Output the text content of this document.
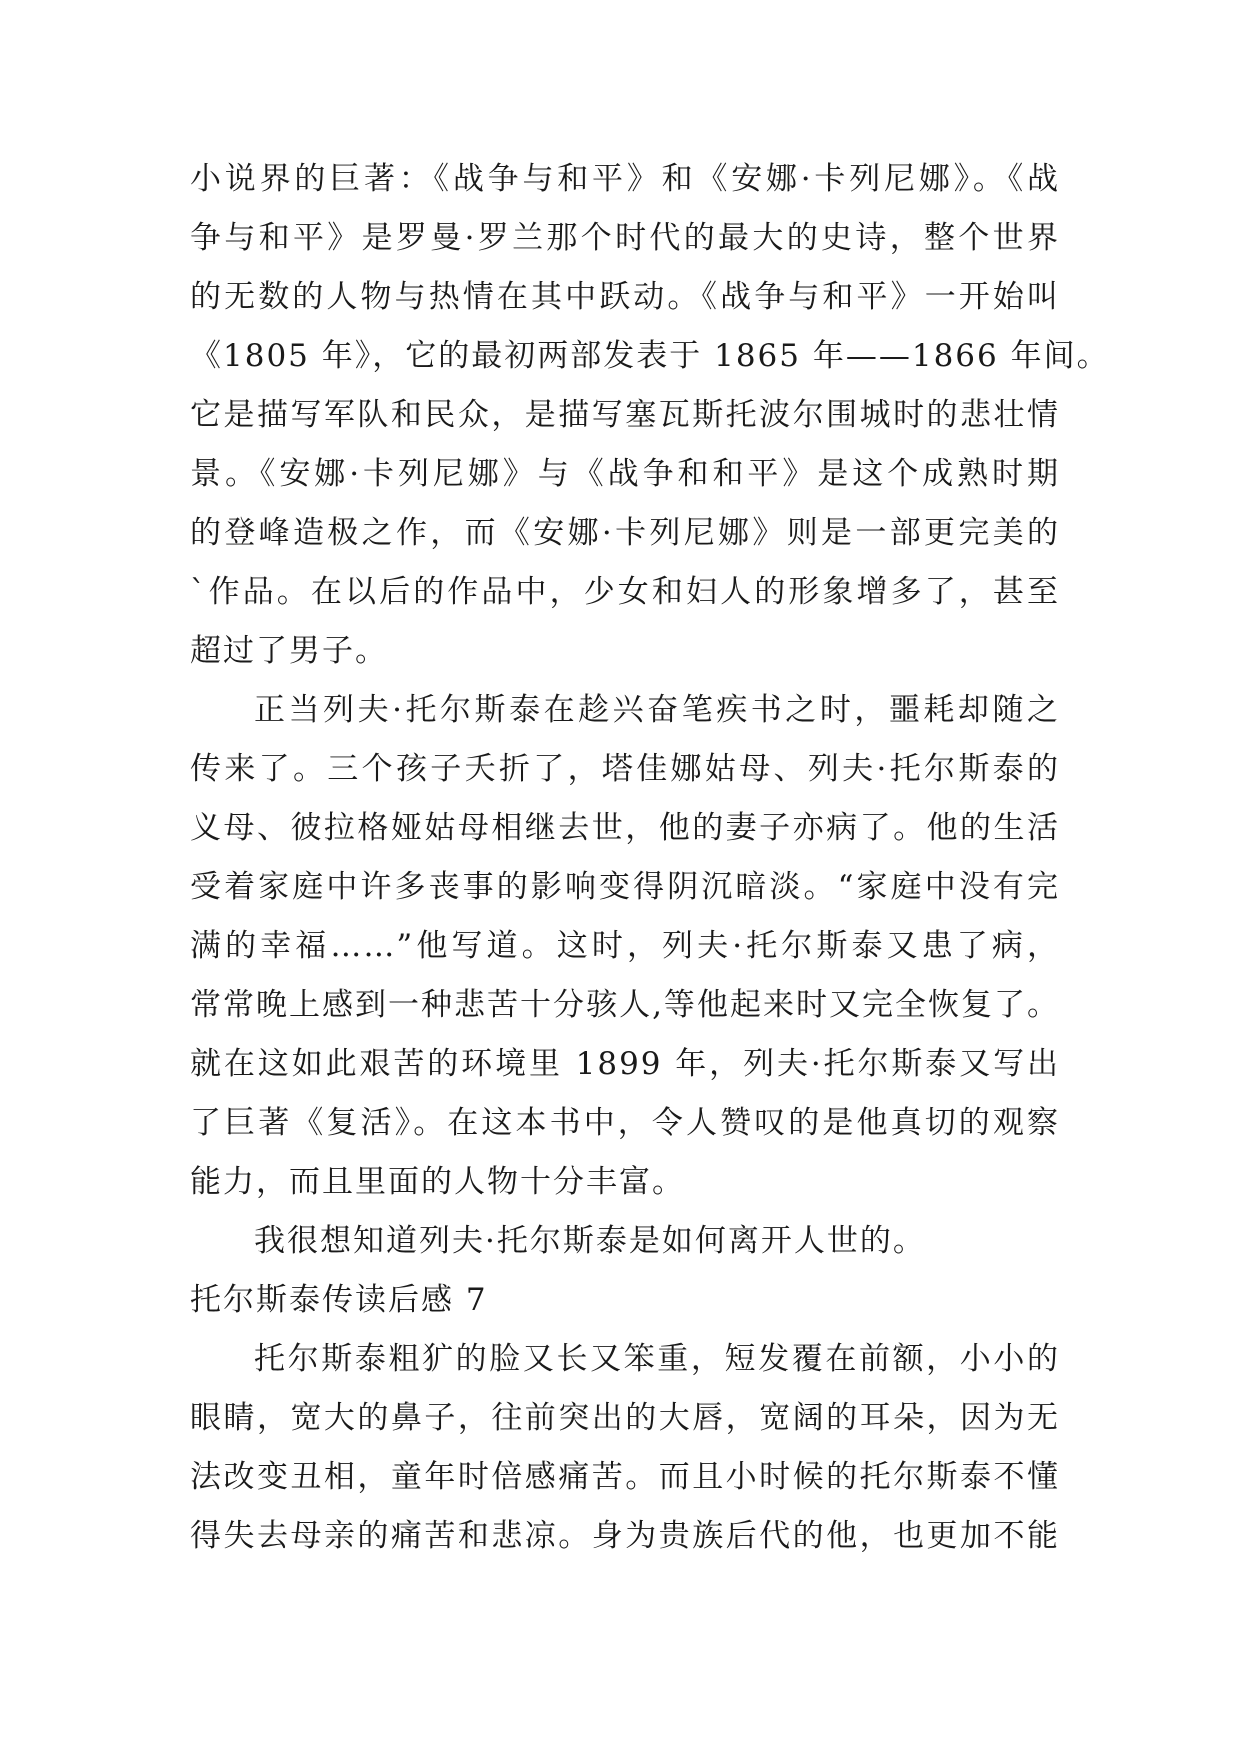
小说界的巨著：《战争与和平》和《安娜·卡列尼娜》。《战
争与和平》是罗曼·罗兰那个时代的最大的史诗，整个世界
的无数的人物与热情在其中跃动。《战争与和平》一开始叫
《1805 年》，它的最初两部发表于 1865 年——1866 年间。
它是描写军队和民众，是描写塞瓦斯托波尔围城时的悲壮情
景。《安娜·卡列尼娜》与《战争和和平》是这个成熟时期
的登峰造极之作，而《安娜·卡列尼娜》则是一部更完美的
`作品。在以后的作品中，少女和妇人的形象增多了，甚至
超过了男子。
正当列夫·托尔斯泰在趁兴奋笔疾书之时，噩耗却随之
传来了。三个孩子夭折了，塔佳娜姑母、列夫·托尔斯泰的
义母、彼拉格娅姑母相继去世，他的妻子亦病了。他的生活
受着家庭中许多丧事的影响变得阴沉暗淡。“家庭中没有完
满的幸福……”他写道。这时，列夫·托尔斯泰又患了病，
常常晚上感到一种悲苦十分骇人,等他起来时又完全恢复了。
就在这如此艰苦的环境里 1899 年，列夫·托尔斯泰又写出
了巨著《复活》。在这本书中，令人赞叹的是他真切的观察
能力，而且里面的人物十分丰富。
我很想知道列夫·托尔斯泰是如何离开人世的。
托尔斯泰传读后感 7
托尔斯泰粗犷的脸又长又笨重，短发覆在前额，小小的
眼睛，宽大的鼻子，往前突出的大唇，宽阔的耳朵，因为无
法改变丑相，童年时倍感痛苦。而且小时候的托尔斯泰不懂
得失去母亲的痛苦和悲凉。身为贵族后代的他，也更加不能
